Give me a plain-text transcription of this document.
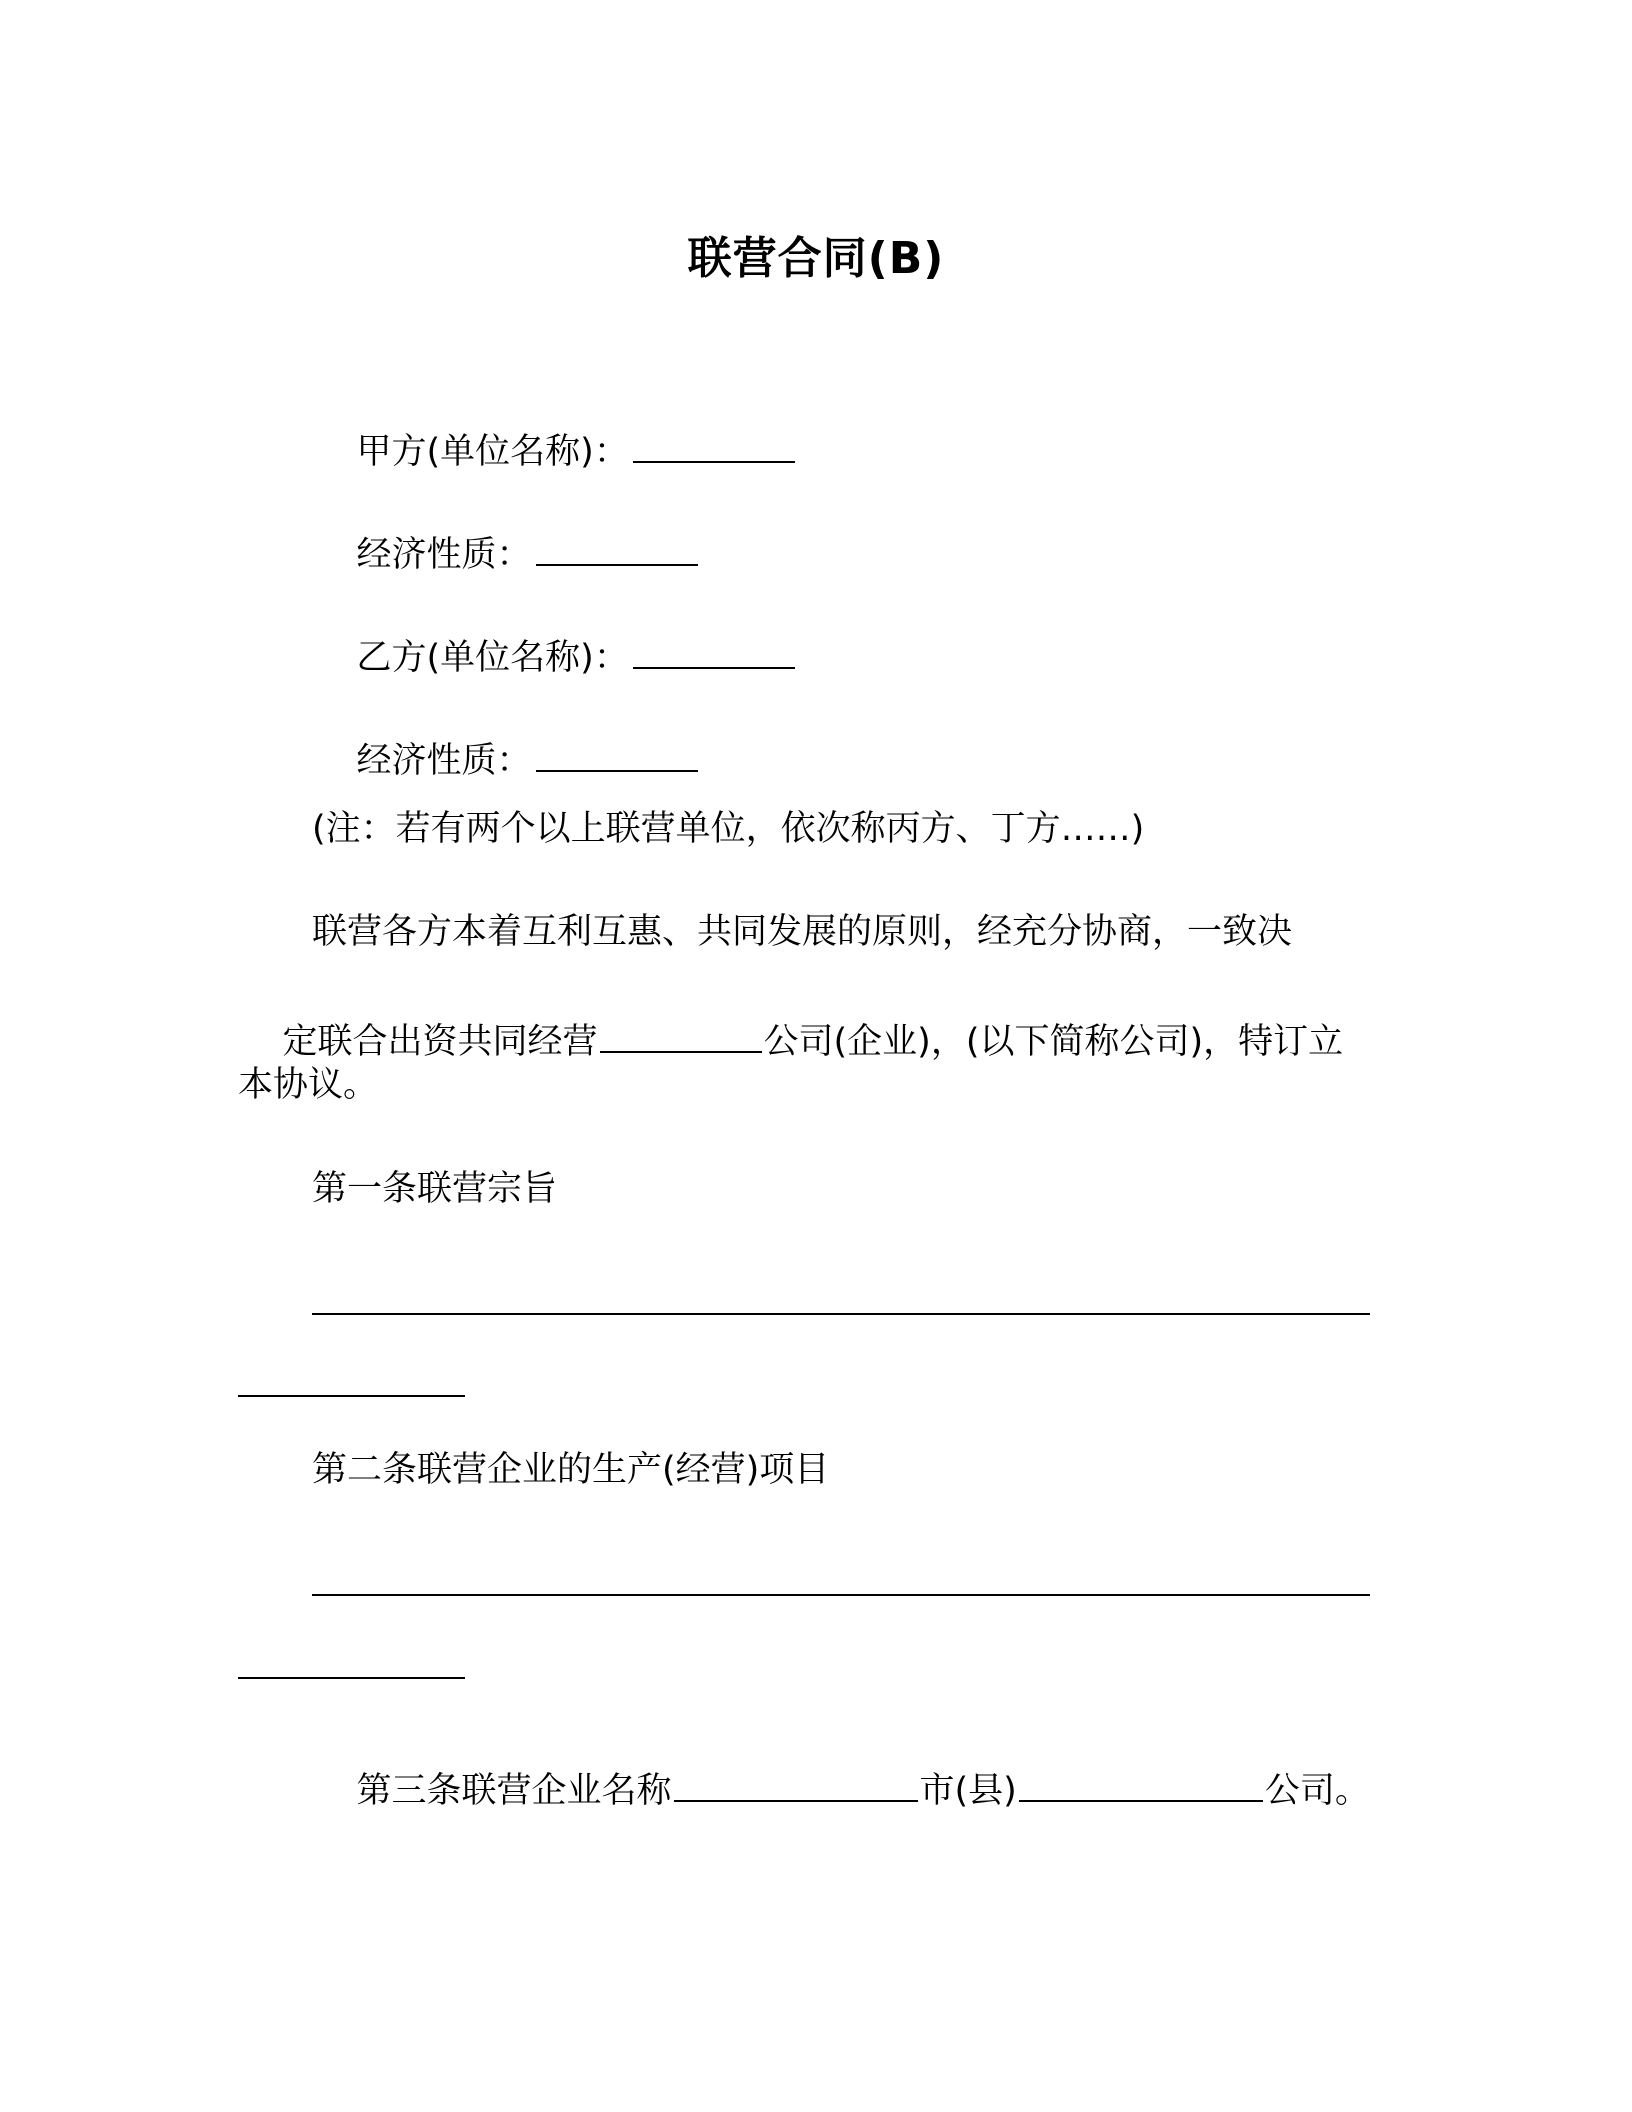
联营合同(B)

甲方(单位名称)：

经济性质：

乙方(单位名称)：

经济性质：

(注：若有两个以上联营单位，依次称丙方、丁方……)
联营各方本着互利互惠、共同发展的原则，经充分协商，一致决

定联合出资共同经营	公司(企业)，(以下简称公司)，特订立

本协议。
第一条联营宗旨
第二条联营企业的生产(经营)项目

第三条联营企业名称	市(县)	公司。
